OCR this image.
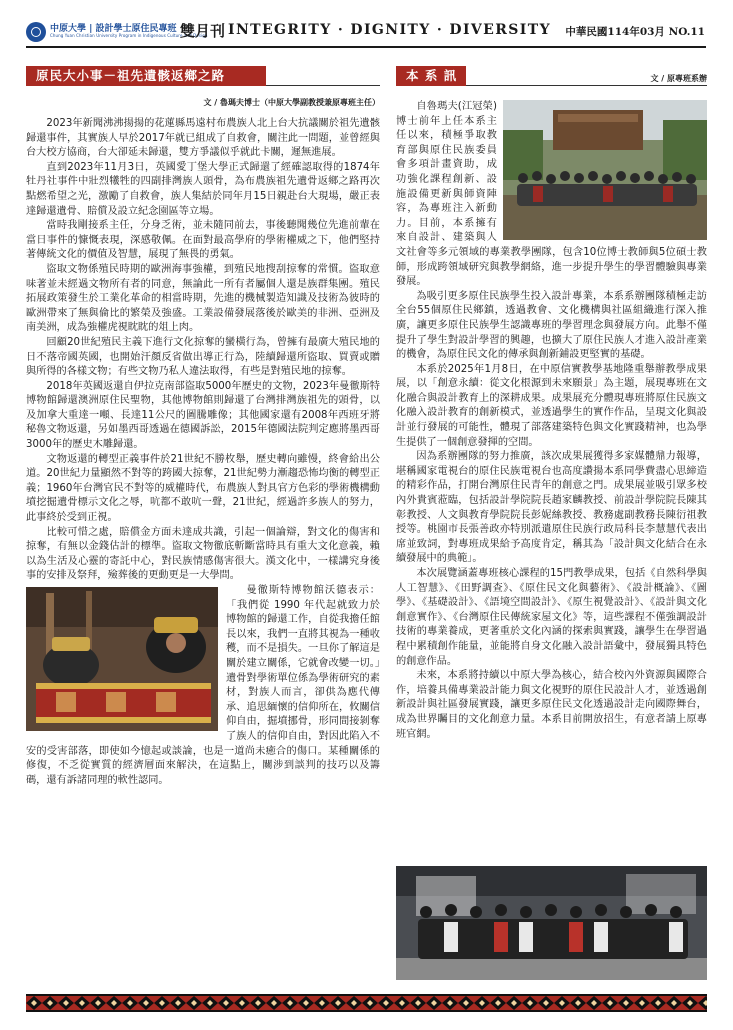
中原大學 | 設計學士原住民專班
Chung Yuan Christian University Program in Indigenous Culture and Design
雙月刊 INTEGRITY · DIGNITY · DIVERSITY 中華民國114年03月 NO.11
原民大小事－祖先遺骸返鄉之路
文 / 魯瑪夫博士（中原大學副教授兼原專班主任）

2023年新聞沸沸揚揚的花蓮縣馬遠村布農族人北上台大抗議關於祖先遺骸歸還事件，其實族人早於2017年就已組成了自救會，關注此一問題，並曾經與台大校方協商，台大卻延未歸還，雙方爭議似乎就此卡關，遲無進展。

直到2023年11月3日，英國愛丁堡大學正式歸還了經確認取得的1874年牡丹社事件中壯烈犧牲的四副排灣族人頭骨，為布農族祖先遺骨返鄉之路再次點燃希望之光，激勵了自救會，族人集結於同年月15日親赴台大現場，嚴正表達歸還遺骨、賠償及設立紀念園區等立場。

當時我剛接系主任，分身乏術，並未隨同前去，事後聽聞幾位先進前輩在當日事件的慷慨表現，深感敬佩。在面對最高學府的學術權威之下，他們堅持著傳統文化的價值及智慧，展現了無畏的勇氣。

盜取文物係殖民時期的歐洲海事強權，到殖民地搜刮掠奪的常慣。盜取意味著並未經過文物所有者的同意，無論此一所有者屬個人還是族群集團。殖民拓展政策發生於工業化革命的相當時期，先進的機械製造知識及技術為彼時的歐洲帶來了無與倫比的繁榮及強盛。工業設備發展落後於歐美的非洲、亞洲及南美洲，成為強權虎視眈眈的俎上肉。

回顧20世紀殖民主義下進行文化掠奪的蠻橫行為，曾擁有最廣大殖民地的日不落帝國英國，也開始汗顏反省做出導正行為，陸續歸還所盜取、買賣或贈與所得的各樣文物；有些文物乃私人違法取得，有些是對殖民地的掠奪。

2018年英國返還自伊拉克南部盜取5000年歷史的文物，2023年曼徹斯特博物館歸還澳洲原住民聖物，其他博物館則歸還了台灣排灣族祖先的頭骨，以及加拿大重達一噸、長達11公尺的圖騰雕像；其他國家還有2008年西班牙將秘魯文物返還，另如墨西哥透過在德國訴訟，2015年德國法院判定應將墨西哥3000年的歷史木雕歸還。

文物返還的轉型正義事件於21世紀不勝枚舉，歷史轉向雖慢，終會給出公道。20世紀力量顯然不對等的跨國大掠奪，21世紀勢力漸趨恐怖均衡的轉型正義；1960年台灣官民不對等的威權時代，布農族人對具官方色彩的學術機構動墳挖掘遺骨標示文化之辱，吭都不敢吭一聲，21世紀，經過許多族人的努力，此事終於受到正視。

比較可惜之處，賠償金方面未達成共識，引起一個論辯，對文化的傷害和掠奪，有無以金錢估計的標準。盜取文物徹底斬斷當時具有重大文化意義，賴以為生活及心靈的寄託中心，對民族情感傷害很大。漢文化中，一樣講究身後事的安排及祭拜，殮葬後的更動更是一大學問。

曼徹斯特博物館沃德表示：「我們從 1990 年代起就致力於博物館的歸還工作，自從我擔任館長以來，我們一直將其視為一種收穫，而不是損失。一旦你了解這是關於建立關係，它就會改變一切。」遺骨對學術單位係為學術研究的素材，對族人而言，卻供為應代傳承、追思緬懷的信仰所在，攸關信仰自由，掘墳挪骨，形同間接剝奪了族人的信仰自由，對因此陷入不安的受害部落，即使如今憶起或談論，也是一道尚未癒合的傷口。某種關係的修復，不乏從實質的經濟層面來解決，在這點上，關涉到談判的技巧以及籌碼，還有訴諸同理的軟性認同。

本 系 訊	文 / 原專班系辦

自魯瑪夫(江冠榮)博士前年上任本系主任以來，積極爭取教育部與原住民族委員會多項計畫資助，成功強化課程創新、設施設備更新與師資陣容，為專班注入新動力。目前，本系擁有來自設計、建築與人文社會等多元領域的專業教學團隊，包含10位博士教師與5位碩士教師，形成跨領域研究與教學網絡，進一步提升學生的學習體驗與專業發展。

為吸引更多原住民族學生投入設計專業，本系系辦團隊積極走訪全台55個原住民鄉鎮，透過教會、文化機構與社區組織進行深入推廣，讓更多原住民族學生認識專班的學習理念與發展方向。此舉不僅提升了學生對設計學習的興趣，也擴大了原住民族人才進入設計產業的機會，為原住民文化的傳承與創新鋪設更堅實的基礎。

本系於2025年1月8日，在中原信實教學基地隆重舉辦教學成果展，以「創意永續：從文化根源到未來願景」為主題，展現專班在文化融合與設計教育上的深耕成果。成果展充分體現專班將原住民族文化融入設計教育的創新模式，並透過學生的實作作品，呈現文化與設計並行發展的可能性，體現了部落建築特色與文化實踐精神，也為學生提供了一個創意發揮的空間。

因為系辦團隊的努力推廣，該次成果展獲得多家媒體鼎力報導，堪稱國家電視台的原住民族電視台也高度讚揚本系同學費盡心思締造的精彩作品，打開台灣原住民青年的創意之門。成果展並吸引眾多校內外貴賓蒞臨，包括設計學院院長趙家麟教授、前設計學院院長陳其彰教授、人文與教育學院院長彭妮絲教授、教務處副教務長陳衍祖教授等。桃園市長張善政亦特別派遣原住民族行政局科長李慧慧代表出席並致詞，對專班成果給予高度肯定，稱其為「設計與文化結合在永續發展中的典範」。

本次展覽涵蓋專班核心課程的15門教學成果，包括《自然科學與人工智慧》、《田野調查》、《原住民文化與藝術》、《設計概論》、《圖學》、《基礎設計》、《語境空間設計》、《原生視覺設計》、《設計與文化創意實作》、《台灣原住民傳統家屋文化》等，這些課程不僅強調設計技術的專業養成，更著重於文化內涵的探索與實踐，讓學生在學習過程中累積創作能量，並能將自身文化融入設計語彙中，發展獨具特色的創意作品。

未來，本系將持續以中原大學為核心，結合校內外資源與國際合作，培養具備專業設計能力與文化視野的原住民設計人才，並透過創新設計與社區發展實踐，讓更多原住民文化透過設計走向國際舞台，成為世界矚目的文化創意力量。本系目前開放招生，有意者請上原專班官網。
